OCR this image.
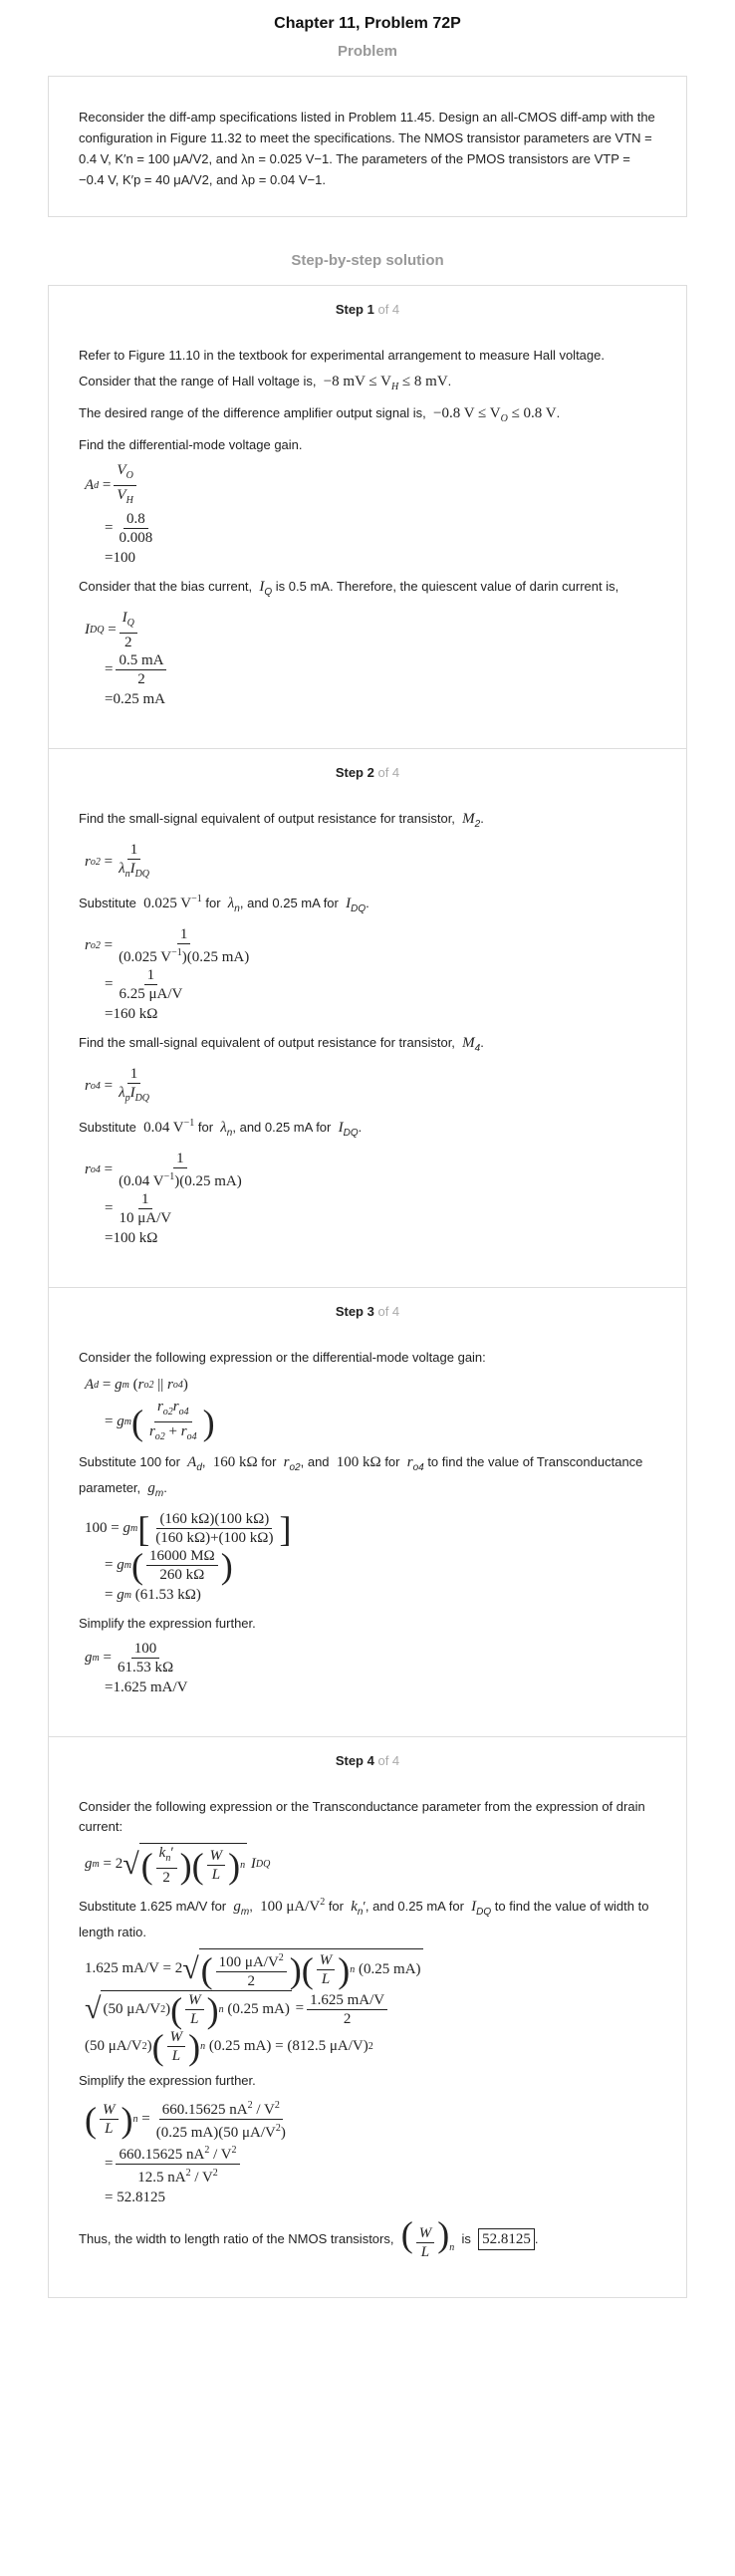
Chapter 11, Problem 72P
Problem
Reconsider the diff-amp specifications listed in Problem 11.45. Design an all-CMOS diff-amp with the configuration in Figure 11.32 to meet the specifications. The NMOS transistor parameters are VTN = 0.4 V, K′n = 100 μA/V2, and λn = 0.025 V−1. The parameters of the PMOS transistors are VTP = −0.4 V, K′p = 40 μA/V2, and λp = 0.04 V−1.
Step-by-step solution
Step 1 of 4

Refer to Figure 11.10 in the textbook for experimental arrangement to measure Hall voltage.

Consider that the range of Hall voltage is, −8 mV ≤ $V_H \le 8$ mV.

The desired range of the difference amplifier output signal is, −0.8 $V \le V_O \le 0.8$ V.

Find the differential-mode voltage gain.

A $d = \frac{V_O}{V_H}$
= $\frac{0.8}{0.008}$
= 100

Consider that the bias current, $I_Q$ is 0.5 mA. Therefore, the quiescent value of darin current is,

I DQ = $\frac{I_Q}{2}$
= $\frac{0.5 mA}{2}$
= 0.25 mA
Step 2 of 4

Find the small-signal equivalent of output resistance for transistor, $M_2$.

r $o2 = \frac{1}{\lambda_nI_{DQ}}$

Substitute 0.025 $V^{-1}$ for $\lambda_n$, and 0.25 mA for $I_{DQ}$.

r $o2 = \frac{1}{(0.025 V^{-1})(0.25 mA)}$
= $\frac{1}{6.25 \mu A/V}$
= 160 kΩ

Find the small-signal equivalent of output resistance for transistor, $M_4$.

r $o4 = \frac{1}{\lambda_pI_{DQ}}$

Substitute 0.04 $V^{-1}$ for $\lambda_n$, and 0.25 mA for $I_{DQ}$.

r $o4 = \frac{1}{(0.04 V^{-1})(0.25 mA)}$
= $\frac{1}{10 \mu A/V}$
= 100 kΩ
Step 3 of 4

Consider the following expression or the differential-mode voltage gain:

A d = g m ( r o2 || r o4 )
= g m ( $\frac{r_{o2}r_{o4}}{r_{o2} + r_{o4}}$ )

Substitute 100 for $A_d$,  160 kΩ for $r_{o2}$, and 100 kΩ for $r_{o4}$ to find the value of Transconductance parameter, $g_m$.

100 = g m [ $\frac{(160 k\Omega)(100 k\Omega)}{(160 k\Omega)+(100 k\Omega)}$ ]
= g m ( $\frac{16000 M\Omega}{260 k\Omega}$ )
= g m
(61.53 kΩ)

Simplify the expression further.

g $m = \frac{100}{61.53 k\Omega}$
= 1.625 mA/V
Step 4 of 4

Consider the following expression or the Transconductance parameter from the expression of drain current:

g m = 2 √ ( $\frac{k_n'}{2}$ ) ( $\frac{W}{L}$ ) n
I DQ

Substitute 1.625 mA/V for $g_m$,  100 $\mu A/V^2$ for $k_n'$, and 0.25 mA for $I_{DQ}$ to find the value of width to length ratio.

1.625 mA/V = 2 √ ( $\frac{100 \mu A/V^2}{2}$ ) ( $\frac{W}{L}$ ) n
(0.25 mA)
√ (50 μA/V 2 ) ( $\frac{W}{L}$ ) n (0.25 $mA) = \frac{1.625 mA/V}{2}$
(50 μA/V 2 ) ( $\frac{W}{L}$ ) n (0.25 mA) = (812.5 μA/V) 2

Simplify the expression further.

( $\frac{W}{L}$ ) $n = \frac{660.15625 nA^2 / V^2}{(0.25 mA)(50 \mu A/V^2)}$
= $\frac{660.15625 nA^2 / V^2}{12.5 nA^2 / V^2}$
= 52.8125

Thus, the width to length ratio of the NMOS transistors,
( $\frac{W}{L} )_n$

is
52.8125 .
